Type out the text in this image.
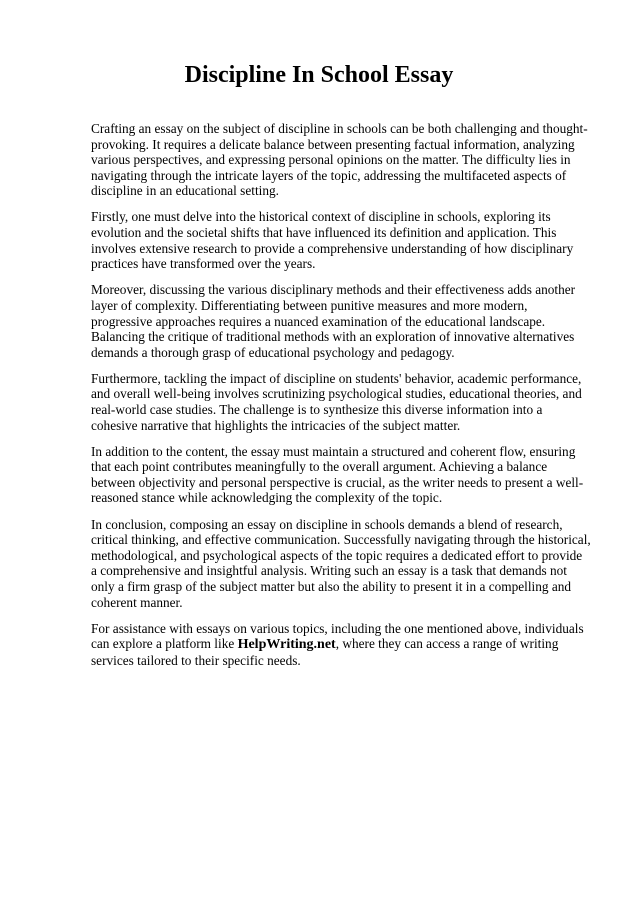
Discipline In School Essay

Crafting an essay on the subject of discipline in schools can be both challenging and thought-provoking. It requires a delicate balance between presenting factual information, analyzing various perspectives, and expressing personal opinions on the matter. The difficulty lies in navigating through the intricate layers of the topic, addressing the multifaceted aspects of discipline in an educational setting.

Firstly, one must delve into the historical context of discipline in schools, exploring its evolution and the societal shifts that have influenced its definition and application. This involves extensive research to provide a comprehensive understanding of how disciplinary practices have transformed over the years.

Moreover, discussing the various disciplinary methods and their effectiveness adds another layer of complexity. Differentiating between punitive measures and more modern, progressive approaches requires a nuanced examination of the educational landscape. Balancing the critique of traditional methods with an exploration of innovative alternatives demands a thorough grasp of educational psychology and pedagogy.

Furthermore, tackling the impact of discipline on students' behavior, academic performance, and overall well-being involves scrutinizing psychological studies, educational theories, and real-world case studies. The challenge is to synthesize this diverse information into a cohesive narrative that highlights the intricacies of the subject matter.

In addition to the content, the essay must maintain a structured and coherent flow, ensuring that each point contributes meaningfully to the overall argument. Achieving a balance between objectivity and personal perspective is crucial, as the writer needs to present a well-reasoned stance while acknowledging the complexity of the topic.

In conclusion, composing an essay on discipline in schools demands a blend of research, critical thinking, and effective communication. Successfully navigating through the historical, methodological, and psychological aspects of the topic requires a dedicated effort to provide a comprehensive and insightful analysis. Writing such an essay is a task that demands not only a firm grasp of the subject matter but also the ability to present it in a compelling and coherent manner.

For assistance with essays on various topics, including the one mentioned above, individuals can explore a platform like HelpWriting.net, where they can access a range of writing services tailored to their specific needs.
